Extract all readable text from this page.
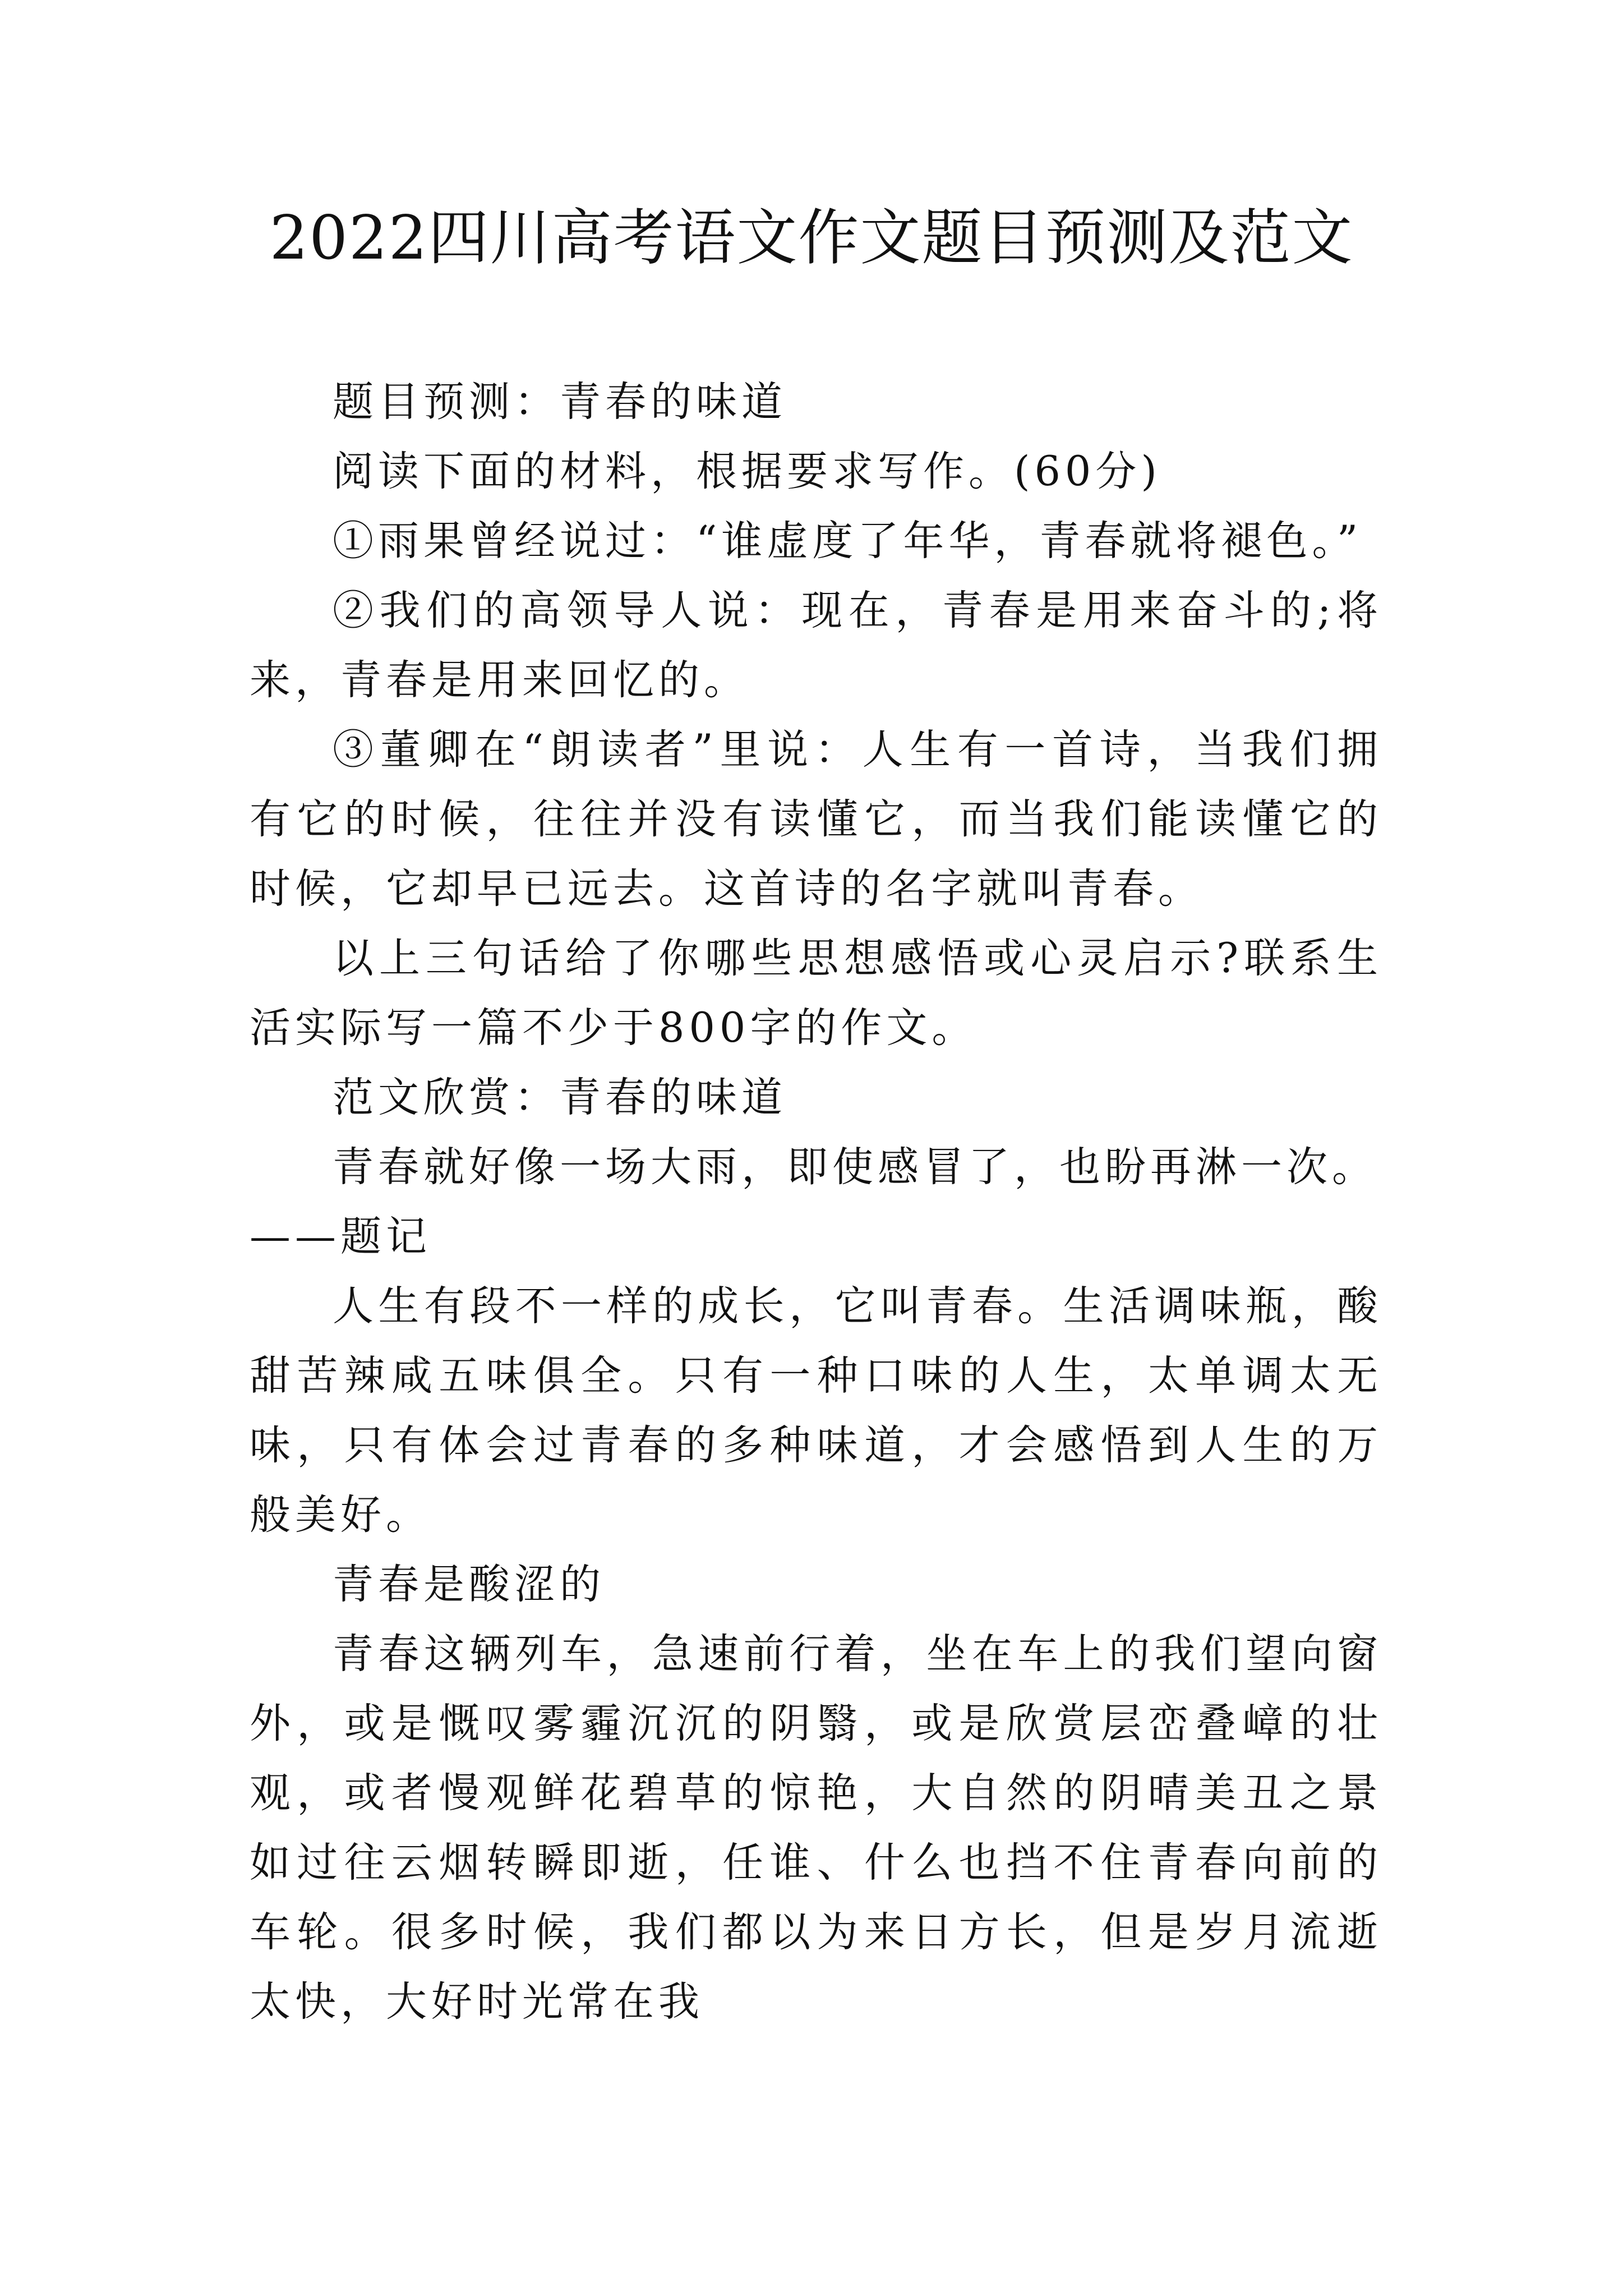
2022四川高考语文作文题目预测及范文

题目预测：青春的味道

阅读下面的材料，根据要求写作。(60分)

①雨果曾经说过：“谁虚度了年华，青春就将褪色。”

②我们的高领导人说：现在，青春是用来奋斗的;将来，青春是用来回忆的。

③董卿在“朗读者”里说：人生有一首诗，当我们拥有它的时候，往往并没有读懂它，而当我们能读懂它的时候，它却早已远去。这首诗的名字就叫青春。

以上三句话给了你哪些思想感悟或心灵启示?联系生活实际写一篇不少于800字的作文。

范文欣赏：青春的味道

青春就好像一场大雨，即使感冒了，也盼再淋一次。

——题记

人生有段不一样的成长，它叫青春。生活调味瓶，酸甜苦辣咸五味俱全。只有一种口味的人生，太单调太无味，只有体会过青春的多种味道，才会感悟到人生的万般美好。

青春是酸涩的

青春这辆列车，急速前行着，坐在车上的我们望向窗外，或是慨叹雾霾沉沉的阴翳，或是欣赏层峦叠嶂的壮观，或者慢观鲜花碧草的惊艳，大自然的阴晴美丑之景如过往云烟转瞬即逝，任谁、什么也挡不住青春向前的车轮。很多时候，我们都以为来日方长，但是岁月流逝太快，大好时光常在我
